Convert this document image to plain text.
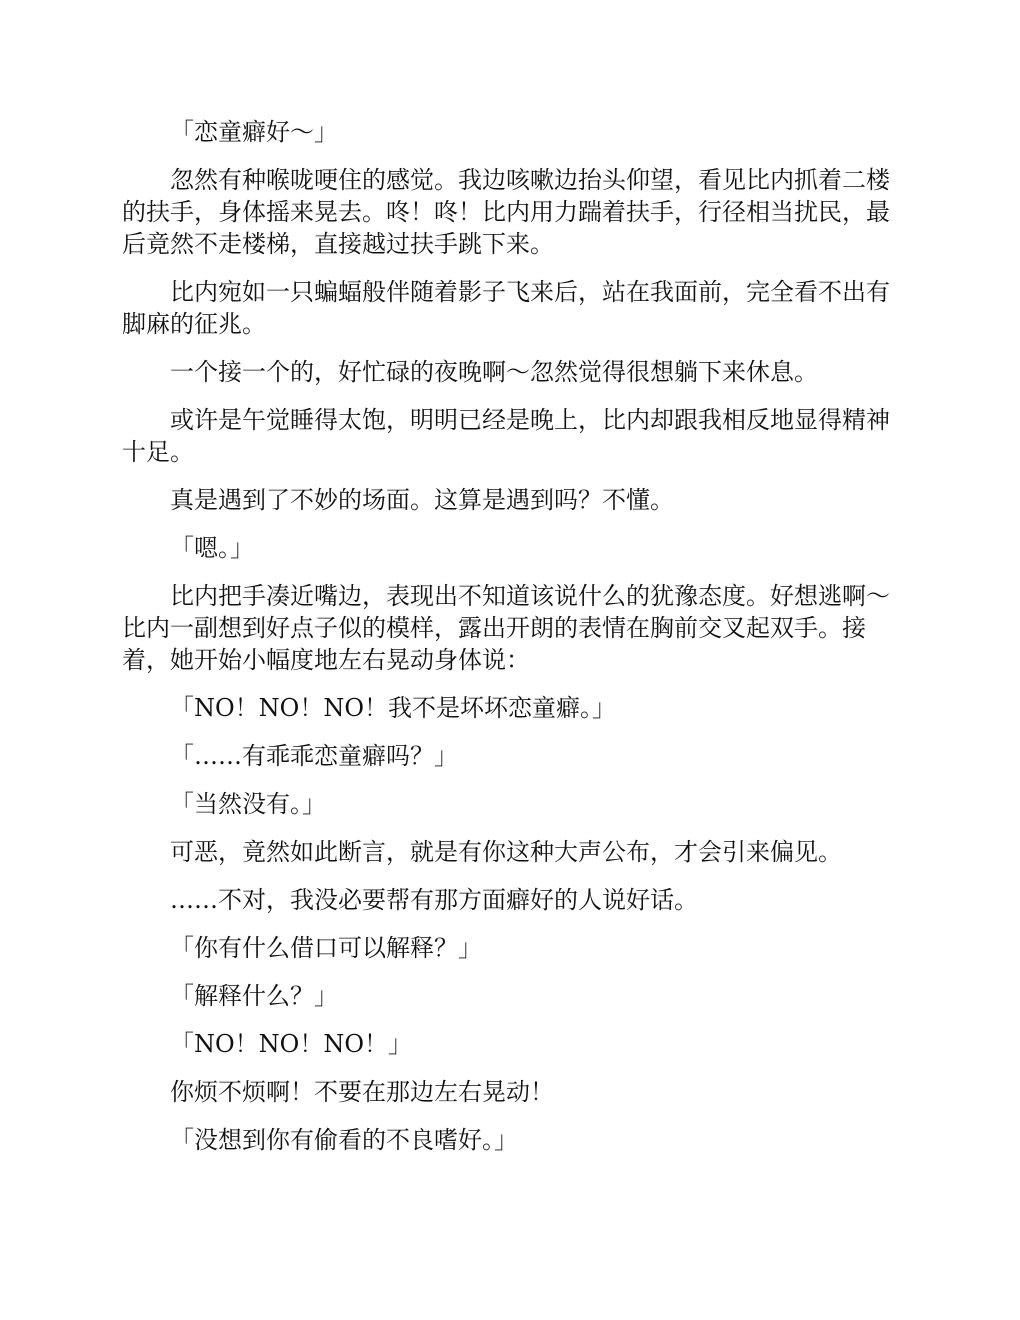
「恋童癖好～」

忽然有种喉咙哽住的感觉。我边咳嗽边抬头仰望，看见比内抓着二楼的扶手，身体摇来晃去。咚！咚！比内用力踹着扶手，行径相当扰民，最后竟然不走楼梯，直接越过扶手跳下来。

比内宛如一只蝙蝠般伴随着影子飞来后，站在我面前，完全看不出有脚麻的征兆。

一个接一个的，好忙碌的夜晚啊～忽然觉得很想躺下来休息。

或许是午觉睡得太饱，明明已经是晚上，比内却跟我相反地显得精神十足。

真是遇到了不妙的场面。这算是遇到吗？不懂。

「嗯。」

比内把手凑近嘴边，表现出不知道该说什么的犹豫态度。好想逃啊～比内一副想到好点子似的模样，露出开朗的表情在胸前交叉起双手。接着，她开始小幅度地左右晃动身体说：

「NO！NO！NO！我不是坏坏恋童癖。」

「……有乖乖恋童癖吗？」

「当然没有。」

可恶，竟然如此断言，就是有你这种大声公布，才会引来偏见。

……不对，我没必要帮有那方面癖好的人说好话。

「你有什么借口可以解释？」

「解释什么？」

「NO！NO！NO！」

你烦不烦啊！不要在那边左右晃动！

「没想到你有偷看的不良嗜好。」
